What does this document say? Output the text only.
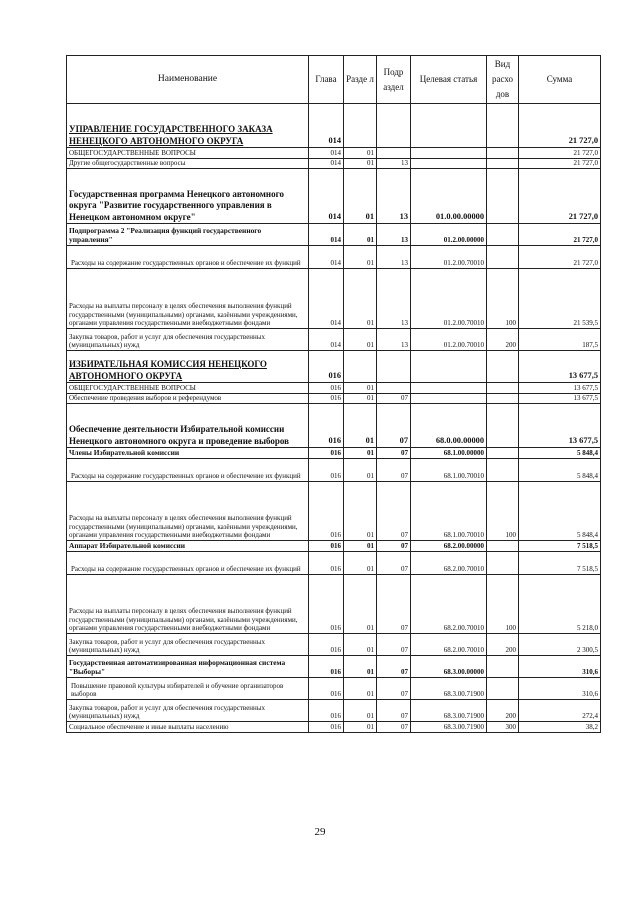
Наименование	Глава	Разде л	Подр аздел	Целевая статья	Вид расхо дов	Сумма
УПРАВЛЕНИЕ ГОСУДАРСТВЕННОГО ЗАКАЗА НЕНЕЦКОГО АВТОНОМНОГО ОКРУГА	014					21 727,0
ОБЩЕГОСУДАРСТВЕННЫЕ ВОПРОСЫ	014	01				21 727,0
Другие общегосударственные вопросы	014	01	13			21 727,0
Государственная программа Ненецкого автономного округа "Развитие государственного управления в Ненецком автономном округе"	014	01	13	01.0.00.00000		21 727,0
Подпрограмма 2 "Реализация функций государственного управления"	014	01	13	01.2.00.00000		21 727,0
Расходы на содержание государственных органов и обеспечение их функций	014	01	13	01.2.00.70010		21 727,0
Расходы на выплаты персоналу в целях обеспечения выполнения функций государственными (муниципальными) органами, казёнными учреждениями, органами управления государственными внебюджетными фондами	014	01	13	01.2.00.70010	100	21 539,5
Закупка товаров, работ и услуг для обеспечения государственных (муниципальных) нужд	014	01	13	01.2.00.70010	200	187,5
ИЗБИРАТЕЛЬНАЯ КОМИССИЯ НЕНЕЦКОГО АВТОНОМНОГО ОКРУГА	016					13 677,5
ОБЩЕГОСУДАРСТВЕННЫЕ ВОПРОСЫ	016	01				13 677,5
Обеспечение проведения выборов и референдумов	016	01	07			13 677,5
Обеспечение деятельности Избирательной комиссии Ненецкого автономного округа и проведение выборов	016	01	07	68.0.00.00000		13 677,5
Члены Избирательной комиссии	016	01	07	68.1.00.00000		5 848,4
Расходы на содержание государственных органов и обеспечение их функций	016	01	07	68.1.00.70010		5 848,4
Расходы на выплаты персоналу в целях обеспечения выполнения функций государственными (муниципальными) органами, казёнными учреждениями, органами управления государственными внебюджетными фондами	016	01	07	68.1.00.70010	100	5 848,4
Аппарат Избирательной комиссии	016	01	07	68.2.00.00000		7 518,5
Расходы на содержание государственных органов и обеспечение их функций	016	01	07	68.2.00.70010		7 518,5
Расходы на выплаты персоналу в целях обеспечения выполнения функций государственными (муниципальными) органами, казёнными учреждениями, органами управления государственными внебюджетными фондами	016	01	07	68.2.00.70010	100	5 218,0
Закупка товаров, работ и услуг для обеспечения государственных (муниципальных) нужд	016	01	07	68.2.00.70010	200	2 300,5
Государственная автоматизированная информационная система "Выборы"	016	01	07	68.3.00.00000		310,6
Повышение правовой культуры избирателей и обучение организаторов выборов	016	01	07	68.3.00.71900		310,6
Закупка товаров, работ и услуг для обеспечения государственных (муниципальных) нужд	016	01	07	68.3.00.71900	200	272,4
Социальное обеспечение и иные выплаты населению	016	01	07	68.3.00.71900	300	38,2
29
